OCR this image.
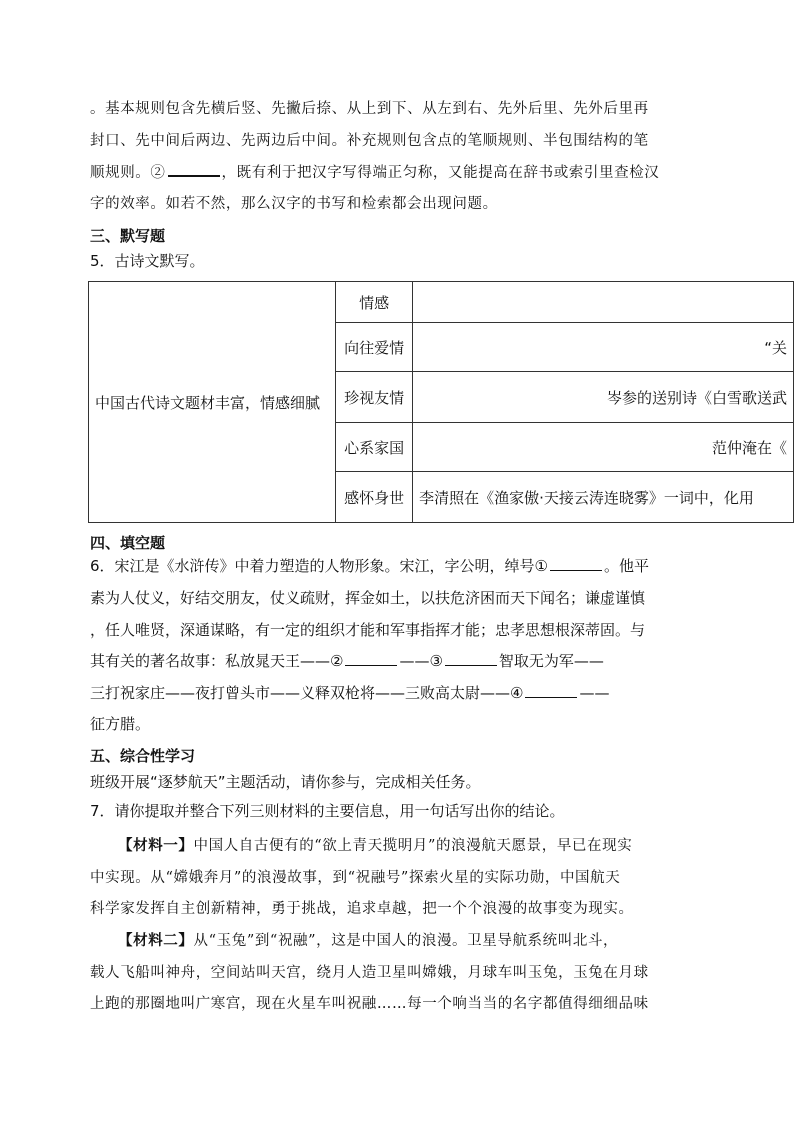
。基本规则包含先横后竖、先撇后捺、从上到下、从左到右、先外后里、先外后里再
封口、先中间后两边、先两边后中间。补充规则包含点的笔顺规则、半包围结构的笔
顺规则。②	，既有利于把汉字写得端正匀称，又能提高在辞书或索引里查检汉
字的效率。如若不然，那么汉字的书写和检索都会出现问题。
三、默写题
5．古诗文默写。
中国古代诗文题材丰富，情感细腻	情感	
	向往爱情	“关
	珍视友情	岑参的送别诗《白雪歌送武
	心系家国	范仲淹在《
	感怀身世	李清照在《渔家傲·天接云涛连晓雾》一词中，化用
四、填空题
6．宋江是《水浒传》中着力塑造的人物形象。宋江，字公明，绰号①	。他平
素为人仗义，好结交朋友，仗义疏财，挥金如土，以扶危济困而天下闻名；谦虚谨慎
，任人唯贤，深通谋略，有一定的组织才能和军事指挥才能；忠孝思想根深蒂固。与
其有关的著名故事：私放晁天王——②	——③	智取无为军——
三打祝家庄——夜打曾头市——义释双枪将——三败高太尉——④	——
征方腊。
五、综合性学习
班级开展“逐梦航天”主题活动，请你参与，完成相关任务。
7．请你提取并整合下列三则材料的主要信息，用一句话写出你的结论。
【材料一】中国人自古便有的“欲上青天揽明月”的浪漫航天愿景，早已在现实
中实现。从“嫦娥奔月”的浪漫故事，到“祝融号”探索火星的实际功勋，中国航天
科学家发挥自主创新精神，勇于挑战，追求卓越，把一个个浪漫的故事变为现实。
【材料二】从“玉兔”到“祝融”，这是中国人的浪漫。卫星导航系统叫北斗，
载人飞船叫神舟，空间站叫天宫，绕月人造卫星叫嫦娥，月球车叫玉兔，玉兔在月球
上跑的那圈地叫广寒宫，现在火星车叫祝融……每一个响当当的名字都值得细细品味
